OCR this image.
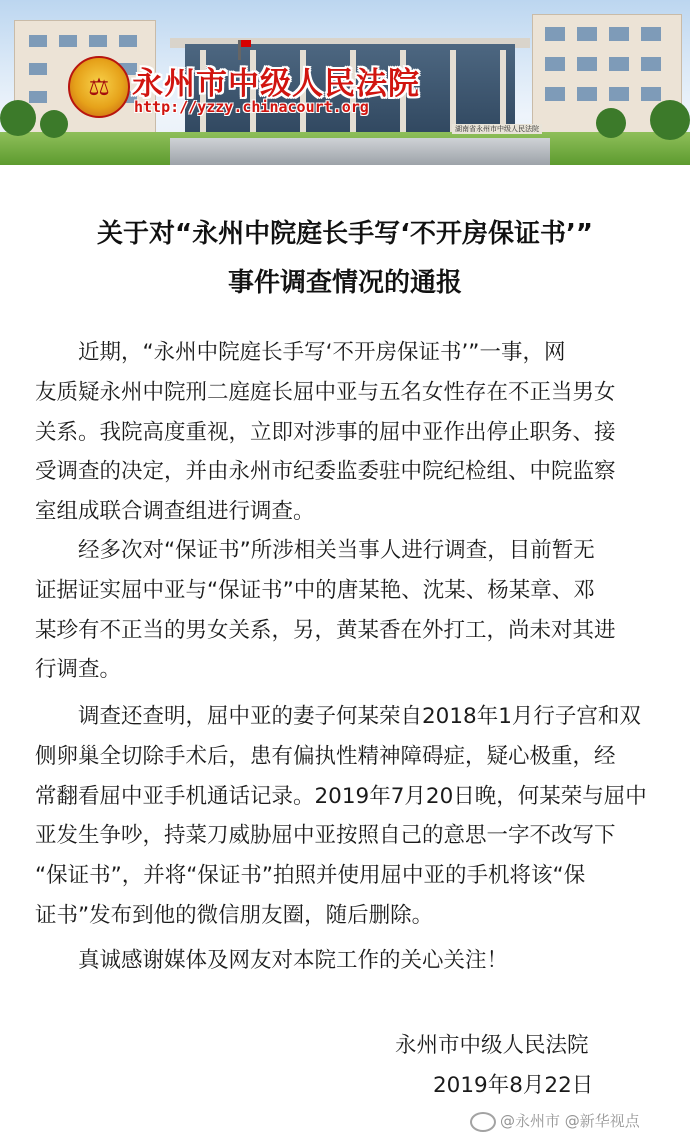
湖南省永州市中级人民法院
⚖ 永州市中级人民法院
http://yzzy.chinacourt.org
关于对“永州中院庭长手写‘不开房保证书’”
事件调查情况的通报
　　近期，“永州中院庭长手写‘不开房保证书’”一事，网
友质疑永州中院刑二庭庭长屈中亚与五名女性存在不正当男女
关系。我院高度重视，立即对涉事的屈中亚作出停止职务、接
受调查的决定，并由永州市纪委监委驻中院纪检组、中院监察
室组成联合调查组进行调查。
　　经多次对“保证书”所涉相关当事人进行调查，目前暂无
证据证实屈中亚与“保证书”中的唐某艳、沈某、杨某章、邓
某珍有不正当的男女关系，另，黄某香在外打工，尚未对其进
行调查。
　　调查还查明，屈中亚的妻子何某荣自2018年1月行子宫和双
侧卵巢全切除手术后，患有偏执性精神障碍症，疑心极重，经
常翻看屈中亚手机通话记录。2019年7月20日晚，何某荣与屈中
亚发生争吵，持菜刀威胁屈中亚按照自己的意思一字不改写下
“保证书”，并将“保证书”拍照并使用屈中亚的手机将该“保
证书”发布到他的微信朋友圈，随后删除。
　　真诚感谢媒体及网友对本院工作的关心关注！
永州市中级人民法院
2019年8月22日
@永州市 @新华视点
